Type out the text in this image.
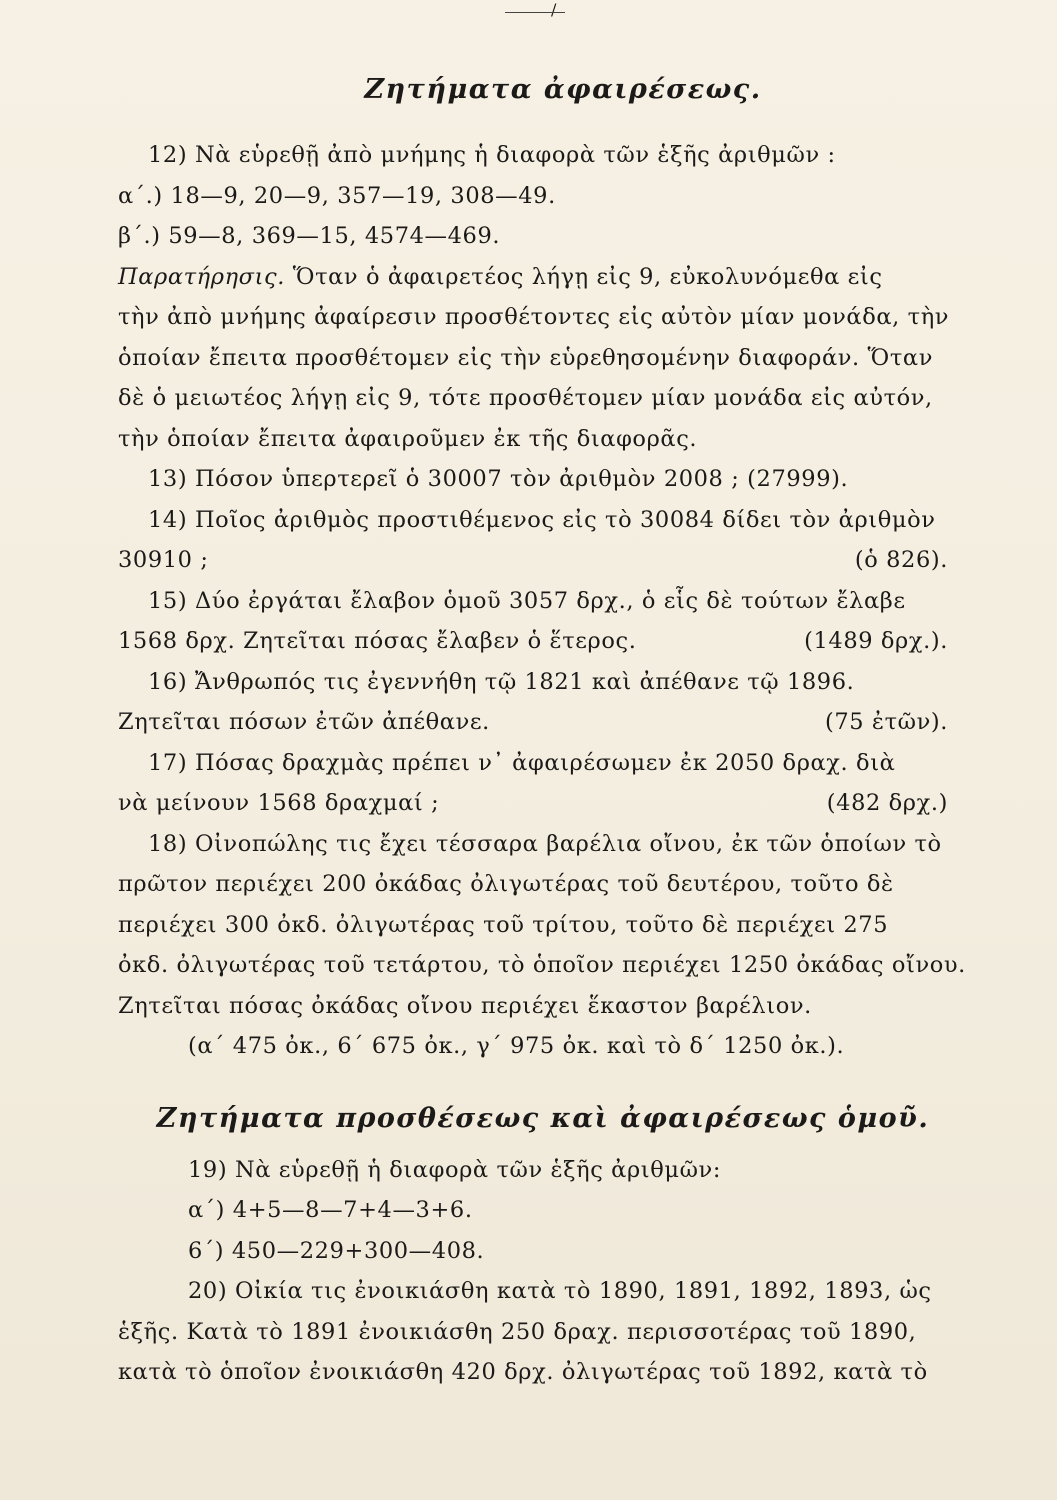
/
Ζητήματα ἀφαιρέσεως.

12) Νὰ εὑρεθῇ ἀπὸ μνήμης ἡ διαφορὰ τῶν ἑξῆς ἀριθμῶν :

α΄.) 18—9, 20—9, 357—19, 308—49.

β΄.) 59—8, 369—15, 4574—469.

Παρατήρησις. Ὅταν ὁ ἀφαιρετέος λήγῃ εἰς 9, εὐκολυνόμεθα εἰς

τὴν ἀπὸ μνήμης ἀφαίρεσιν προσθέτοντες εἰς αὐτὸν μίαν μονάδα, τὴν

ὁποίαν ἔπειτα προσθέτομεν εἰς τὴν εὑρεθησομένην διαφοράν. Ὅταν

δὲ ὁ μειωτέος λήγῃ εἰς 9, τότε προσθέτομεν μίαν μονάδα εἰς αὐτόν,

τὴν ὁποίαν ἔπειτα ἀφαιροῦμεν ἐκ τῆς διαφορᾶς.

13) Πόσον ὑπερτερεῖ ὁ 30007 τὸν ἀριθμὸν 2008 ; (27999).

14) Ποῖος ἀριθμὸς προστιθέμενος εἰς τὸ 30084 δίδει τὸν ἀριθμὸν

30910 ;	(ὁ 826).

15) Δύο ἐργάται ἔλαβον ὁμοῦ 3057 δρχ., ὁ εἷς δὲ τούτων ἔλαβε

1568 δρχ. Ζητεῖται πόσας ἔλαβεν ὁ ἕτερος.	(1489 δρχ.).

16) Ἄνθρωπός τις ἐγεννήθη τῷ 1821 καὶ ἀπέθανε τῷ 1896.

Ζητεῖται πόσων ἐτῶν ἀπέθανε.	(75 ἐτῶν).

17) Πόσας δραχμὰς πρέπει ν᾿ ἀφαιρέσωμεν ἐκ 2050 δραχ. διὰ

νὰ μείνουν 1568 δραχμαί ;	(482 δρχ.)

18) Οἰνοπώλης τις ἔχει τέσσαρα βαρέλια οἴνου, ἐκ τῶν ὁποίων τὸ

πρῶτον περιέχει 200 ὀκάδας ὀλιγωτέρας τοῦ δευτέρου, τοῦτο δὲ

περιέχει 300 ὀκδ. ὀλιγωτέρας τοῦ τρίτου, τοῦτο δὲ περιέχει 275

ὀκδ. ὀλιγωτέρας τοῦ τετάρτου, τὸ ὁποῖον περιέχει 1250 ὀκάδας οἴνου.

Ζητεῖται πόσας ὀκάδας οἴνου περιέχει ἕκαστον βαρέλιον.

(α΄ 475 ὀκ., 6΄ 675 ὀκ., γ΄ 975 ὀκ. καὶ τὸ δ΄ 1250 ὀκ.).

Ζητήματα προσθέσεως καὶ ἀφαιρέσεως ὁμοῦ.

19) Νὰ εὑρεθῇ ἡ διαφορὰ τῶν ἑξῆς ἀριθμῶν:

α΄) 4+5—8—7+4—3+6.

6΄) 450—229+300—408.

20) Οἰκία τις ἐνοικιάσθη κατὰ τὸ 1890, 1891, 1892, 1893, ὡς

ἑξῆς. Κατὰ τὸ 1891 ἐνοικιάσθη 250 δραχ. περισσοτέρας τοῦ 1890,

κατὰ τὸ ὁποῖον ἐνοικιάσθη 420 δρχ. ὀλιγωτέρας τοῦ 1892, κατὰ τὸ
